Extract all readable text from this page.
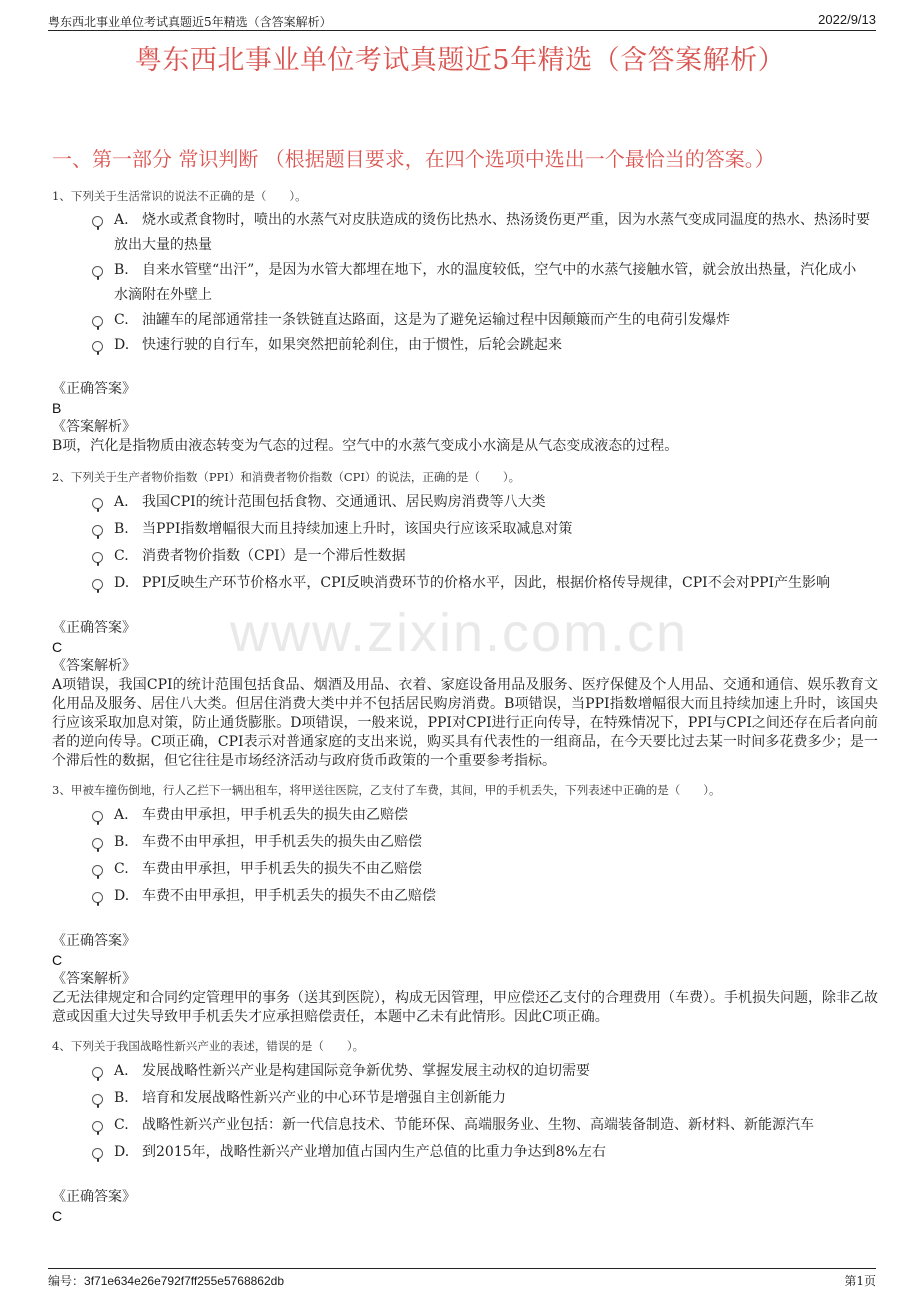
粤东西北事业单位考试真题近5年精选（含答案解析）	2022/9/13
粤东西北事业单位考试真题近5年精选（含答案解析）
一、第一部分 常识判断 （根据题目要求，在四个选项中选出一个最恰当的答案。）
www.zixin.com.cn
1、下列关于生活常识的说法不正确的是（　　）。
A. 烧水或煮食物时，喷出的水蒸气对皮肤造成的烫伤比热水、热汤烫伤更严重，因为水蒸气变成同温度的热水、热汤时要放出大量的热量
B. 自来水管壁“出汗”，是因为水管大都埋在地下，水的温度较低，空气中的水蒸气接触水管，就会放出热量，汽化成小水滴附在外壁上
C. 油罐车的尾部通常挂一条铁链直达路面，这是为了避免运输过程中因颠簸而产生的电荷引发爆炸
D. 快速行驶的自行车，如果突然把前轮刹住，由于惯性，后轮会跳起来
《正确答案》
B
《答案解析》
B项，汽化是指物质由液态转变为气态的过程。空气中的水蒸气变成小水滴是从气态变成液态的过程。
2、下列关于生产者物价指数（PPI）和消费者物价指数（CPI）的说法，正确的是（　　）。
A. 我国CPI的统计范围包括食物、交通通讯、居民购房消费等八大类
B. 当PPI指数增幅很大而且持续加速上升时，该国央行应该采取减息对策
C. 消费者物价指数（CPI）是一个滞后性数据
D. PPI反映生产环节价格水平，CPI反映消费环节的价格水平，因此，根据价格传导规律，CPI不会对PPI产生影响
《正确答案》
C
《答案解析》
A项错误，我国CPI的统计范围包括食品、烟酒及用品、衣着、家庭设备用品及服务、医疗保健及个人用品、交通和通信、娱乐教育文化用品及服务、居住八大类。但居住消费大类中并不包括居民购房消费。B项错误，当PPI指数增幅很大而且持续加速上升时，该国央行应该采取加息对策，防止通货膨胀。D项错误，一般来说，PPI对CPI进行正向传导，在特殊情况下，PPI与CPI之间还存在后者向前者的逆向传导。C项正确，CPI表示对普通家庭的支出来说，购买具有代表性的一组商品，在今天要比过去某一时间多花费多少；是一个滞后性的数据，但它往往是市场经济活动与政府货币政策的一个重要参考指标。
3、甲被车撞伤倒地，行人乙拦下一辆出租车，将甲送往医院，乙支付了车费，其间，甲的手机丢失，下列表述中正确的是（　　）。
A. 车费由甲承担，甲手机丢失的损失由乙赔偿
B. 车费不由甲承担，甲手机丢失的损失由乙赔偿
C. 车费由甲承担，甲手机丢失的损失不由乙赔偿
D. 车费不由甲承担，甲手机丢失的损失不由乙赔偿
《正确答案》
C
《答案解析》
乙无法律规定和合同约定管理甲的事务（送其到医院），构成无因管理，甲应偿还乙支付的合理费用（车费）。手机损失问题，除非乙故意或因重大过失导致甲手机丢失才应承担赔偿责任，本题中乙未有此情形。因此C项正确。
4、下列关于我国战略性新兴产业的表述，错误的是（　　）。
A. 发展战略性新兴产业是构建国际竞争新优势、掌握发展主动权的迫切需要
B. 培育和发展战略性新兴产业的中心环节是增强自主创新能力
C. 战略性新兴产业包括：新一代信息技术、节能环保、高端服务业、生物、高端装备制造、新材料、新能源汽车
D. 到2015年，战略性新兴产业增加值占国内生产总值的比重力争达到8%左右
《正确答案》
C
编号：3f71e634e26e792f7ff255e5768862db	第1页
